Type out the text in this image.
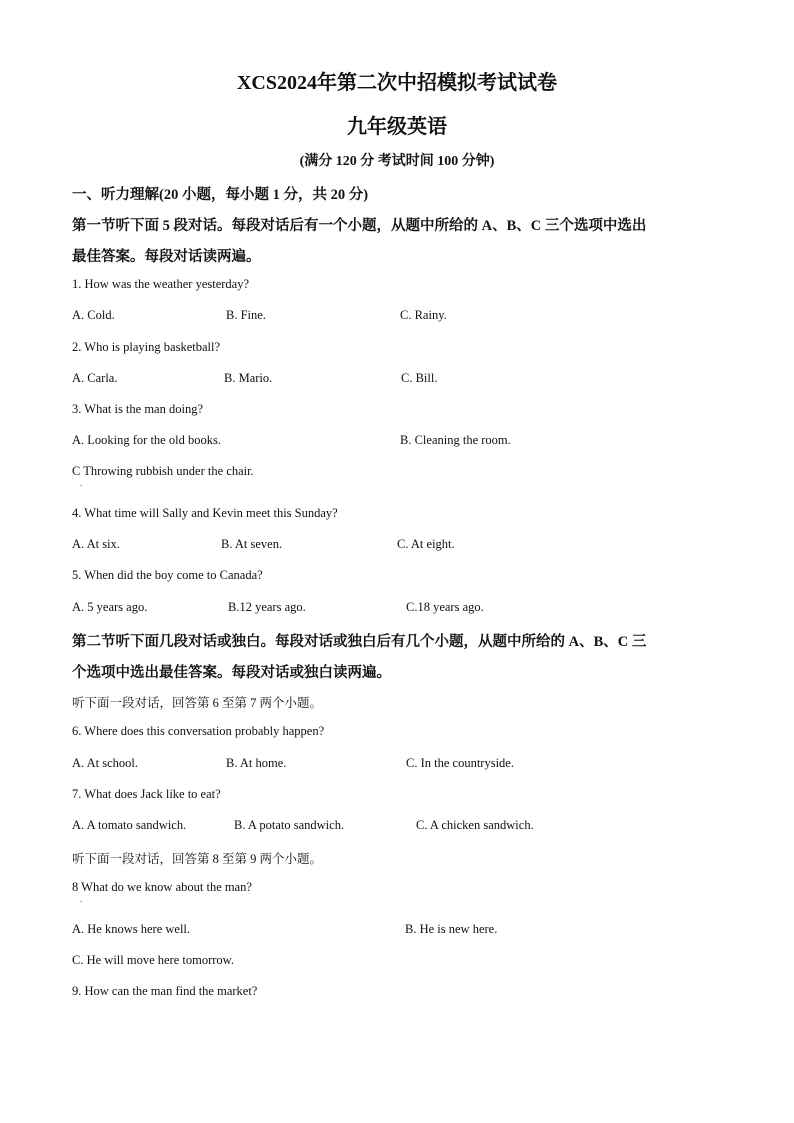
XCS2024年第二次中招模拟考试试卷
九年级英语
(满分 120 分 考试时间 100 分钟)
一、听力理解(20 小题，每小题 1 分，共 20 分)
第一节听下面 5 段对话。每段对话后有一个小题，从题中所给的 A、B、C 三个选项中选出
最佳答案。每段对话读两遍。
1. How was the weather yesterday?
A. Cold.	B. Fine.	C. Rainy.
2. Who is playing basketball?
A. Carla.	B. Mario.	C. Bill.
3. What is the man doing?
A. Looking for the old books.	B. Cleaning the room.
C Throwing rubbish under the chair.
.
4. What time will Sally and Kevin meet this Sunday?
A. At six.	B. At seven.	C. At eight.
5. When did the boy come to Canada?
A. 5 years ago.	B.12 years ago.	C.18 years ago.
第二节听下面几段对话或独白。每段对话或独白后有几个小题，从题中所给的 A、B、C 三
个选项中选出最佳答案。每段对话或独白读两遍。
听下面一段对话，回答第 6 至第 7 两个小题。
6. Where does this conversation probably happen?
A. At school.	B. At home.	C. In the countryside.
7. What does Jack like to eat?
A. A tomato sandwich.	B. A potato sandwich.	C. A chicken sandwich.
听下面一段对话，回答第 8 至第 9 两个小题。
8 What do we know about the man?
.
A. He knows here well.	B. He is new here.
C. He will move here tomorrow.
9. How can the man find the market?
